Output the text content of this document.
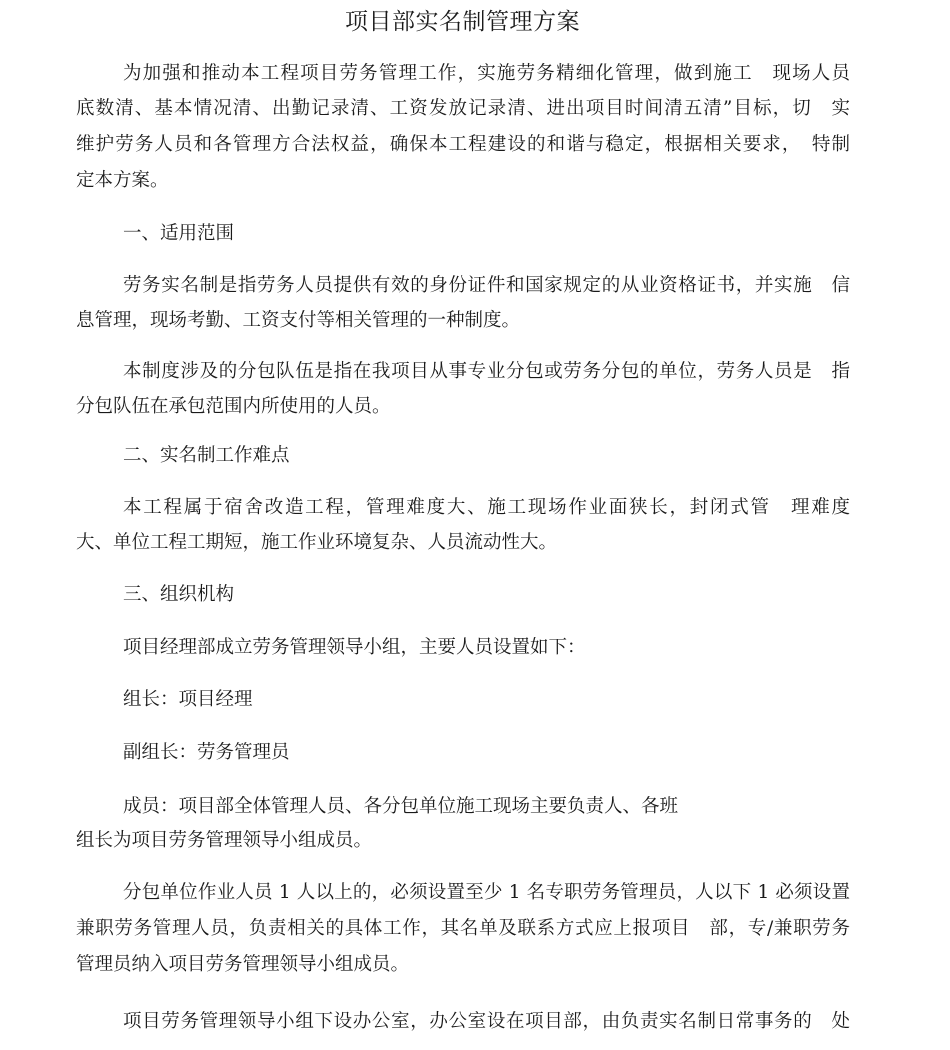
项目部实名制管理方案
为加强和推动本工程项目劳务管理工作，实施劳务精细化管理，做到施工　现场人员
底数清、基本情况清、出勤记录清、工资发放记录清、进出项目时间清五清”目标，切　实
维护劳务人员和各管理方合法权益，确保本工程建设的和谐与稳定，根据相关要求，　特制
定本方案。
一、适用范围
劳务实名制是指劳务人员提供有效的身份证件和国家规定的从业资格证书，并实施　信
息管理，现场考勤、工资支付等相关管理的一种制度。
本制度涉及的分包队伍是指在我项目从事专业分包或劳务分包的单位，劳务人员是　指
分包队伍在承包范围内所使用的人员。
二、实名制工作难点
本工程属于宿舍改造工程，管理难度大、施工现场作业面狭长，封闭式管　理难度
大、单位工程工期短，施工作业环境复杂、人员流动性大。
三、组织机构
项目经理部成立劳务管理领导小组，主要人员设置如下：
组长：项目经理
副组长：劳务管理员
成员：项目部全体管理人员、各分包单位施工现场主要负责人、各班
组长为项目劳务管理领导小组成员。
分包单位作业人员 1 人以上的，必须设置至少 1 名专职劳务管理员，人以下 1 必须设置
兼职劳务管理人员，负责相关的具体工作，其名单及联系方式应上报项目　部，专/兼职劳务
管理员纳入项目劳务管理领导小组成员。
项目劳务管理领导小组下设办公室，办公室设在项目部，由负责实名制日常事务的　处
